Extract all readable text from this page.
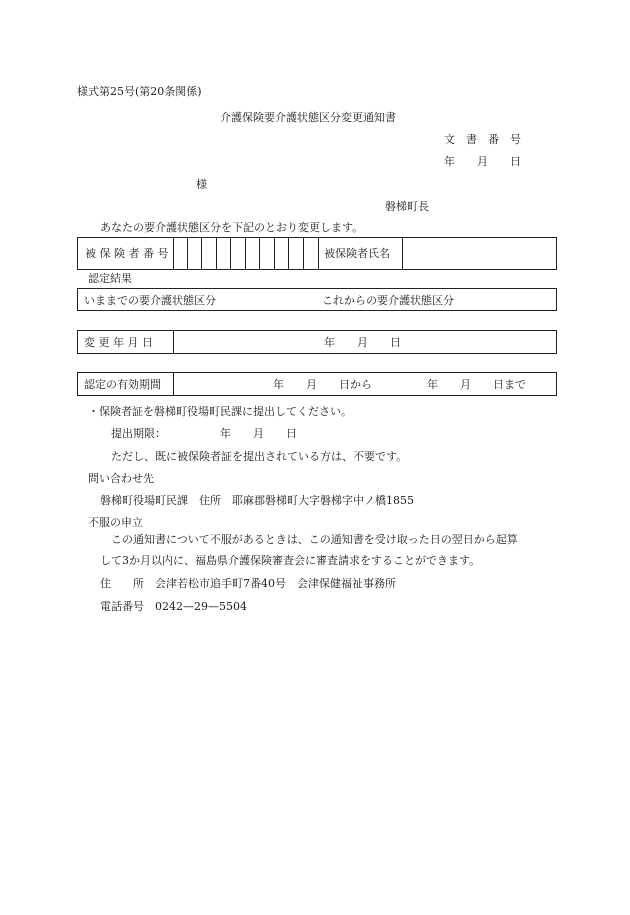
様式第25号(第20条関係)
介護保険要介護状態区分変更通知書
文　書　番　号
年　　月　　日
様
磐梯町長
あなたの要介護状態区分を下記のとおり変更します。
被 保 険 者 番 号	被保険者氏名
認定結果
いままでの要介護状態区分	これからの要介護状態区分
変 更 年 月 日	年　　月　　日
認定の有効期間	年　　月　　日から	年　　月　　日まで
・保険者証を磐梯町役場町民課に提出してください。
提出期限：	年　　月　　日
ただし、既に被保険者証を提出されている方は、不要です。
問い合わせ先
磐梯町役場町民課　住所　耶麻郡磐梯町大字磐梯字中ノ橋1855
不服の申立
この通知書について不服があるときは、この通知書を受け取った日の翌日から起算
して3か月以内に、福島県介護保険審査会に審査請求をすることができます。
住　　所　会津若松市追手町7番40号　会津保健福祉事務所
電話番号　0242—29—5504
